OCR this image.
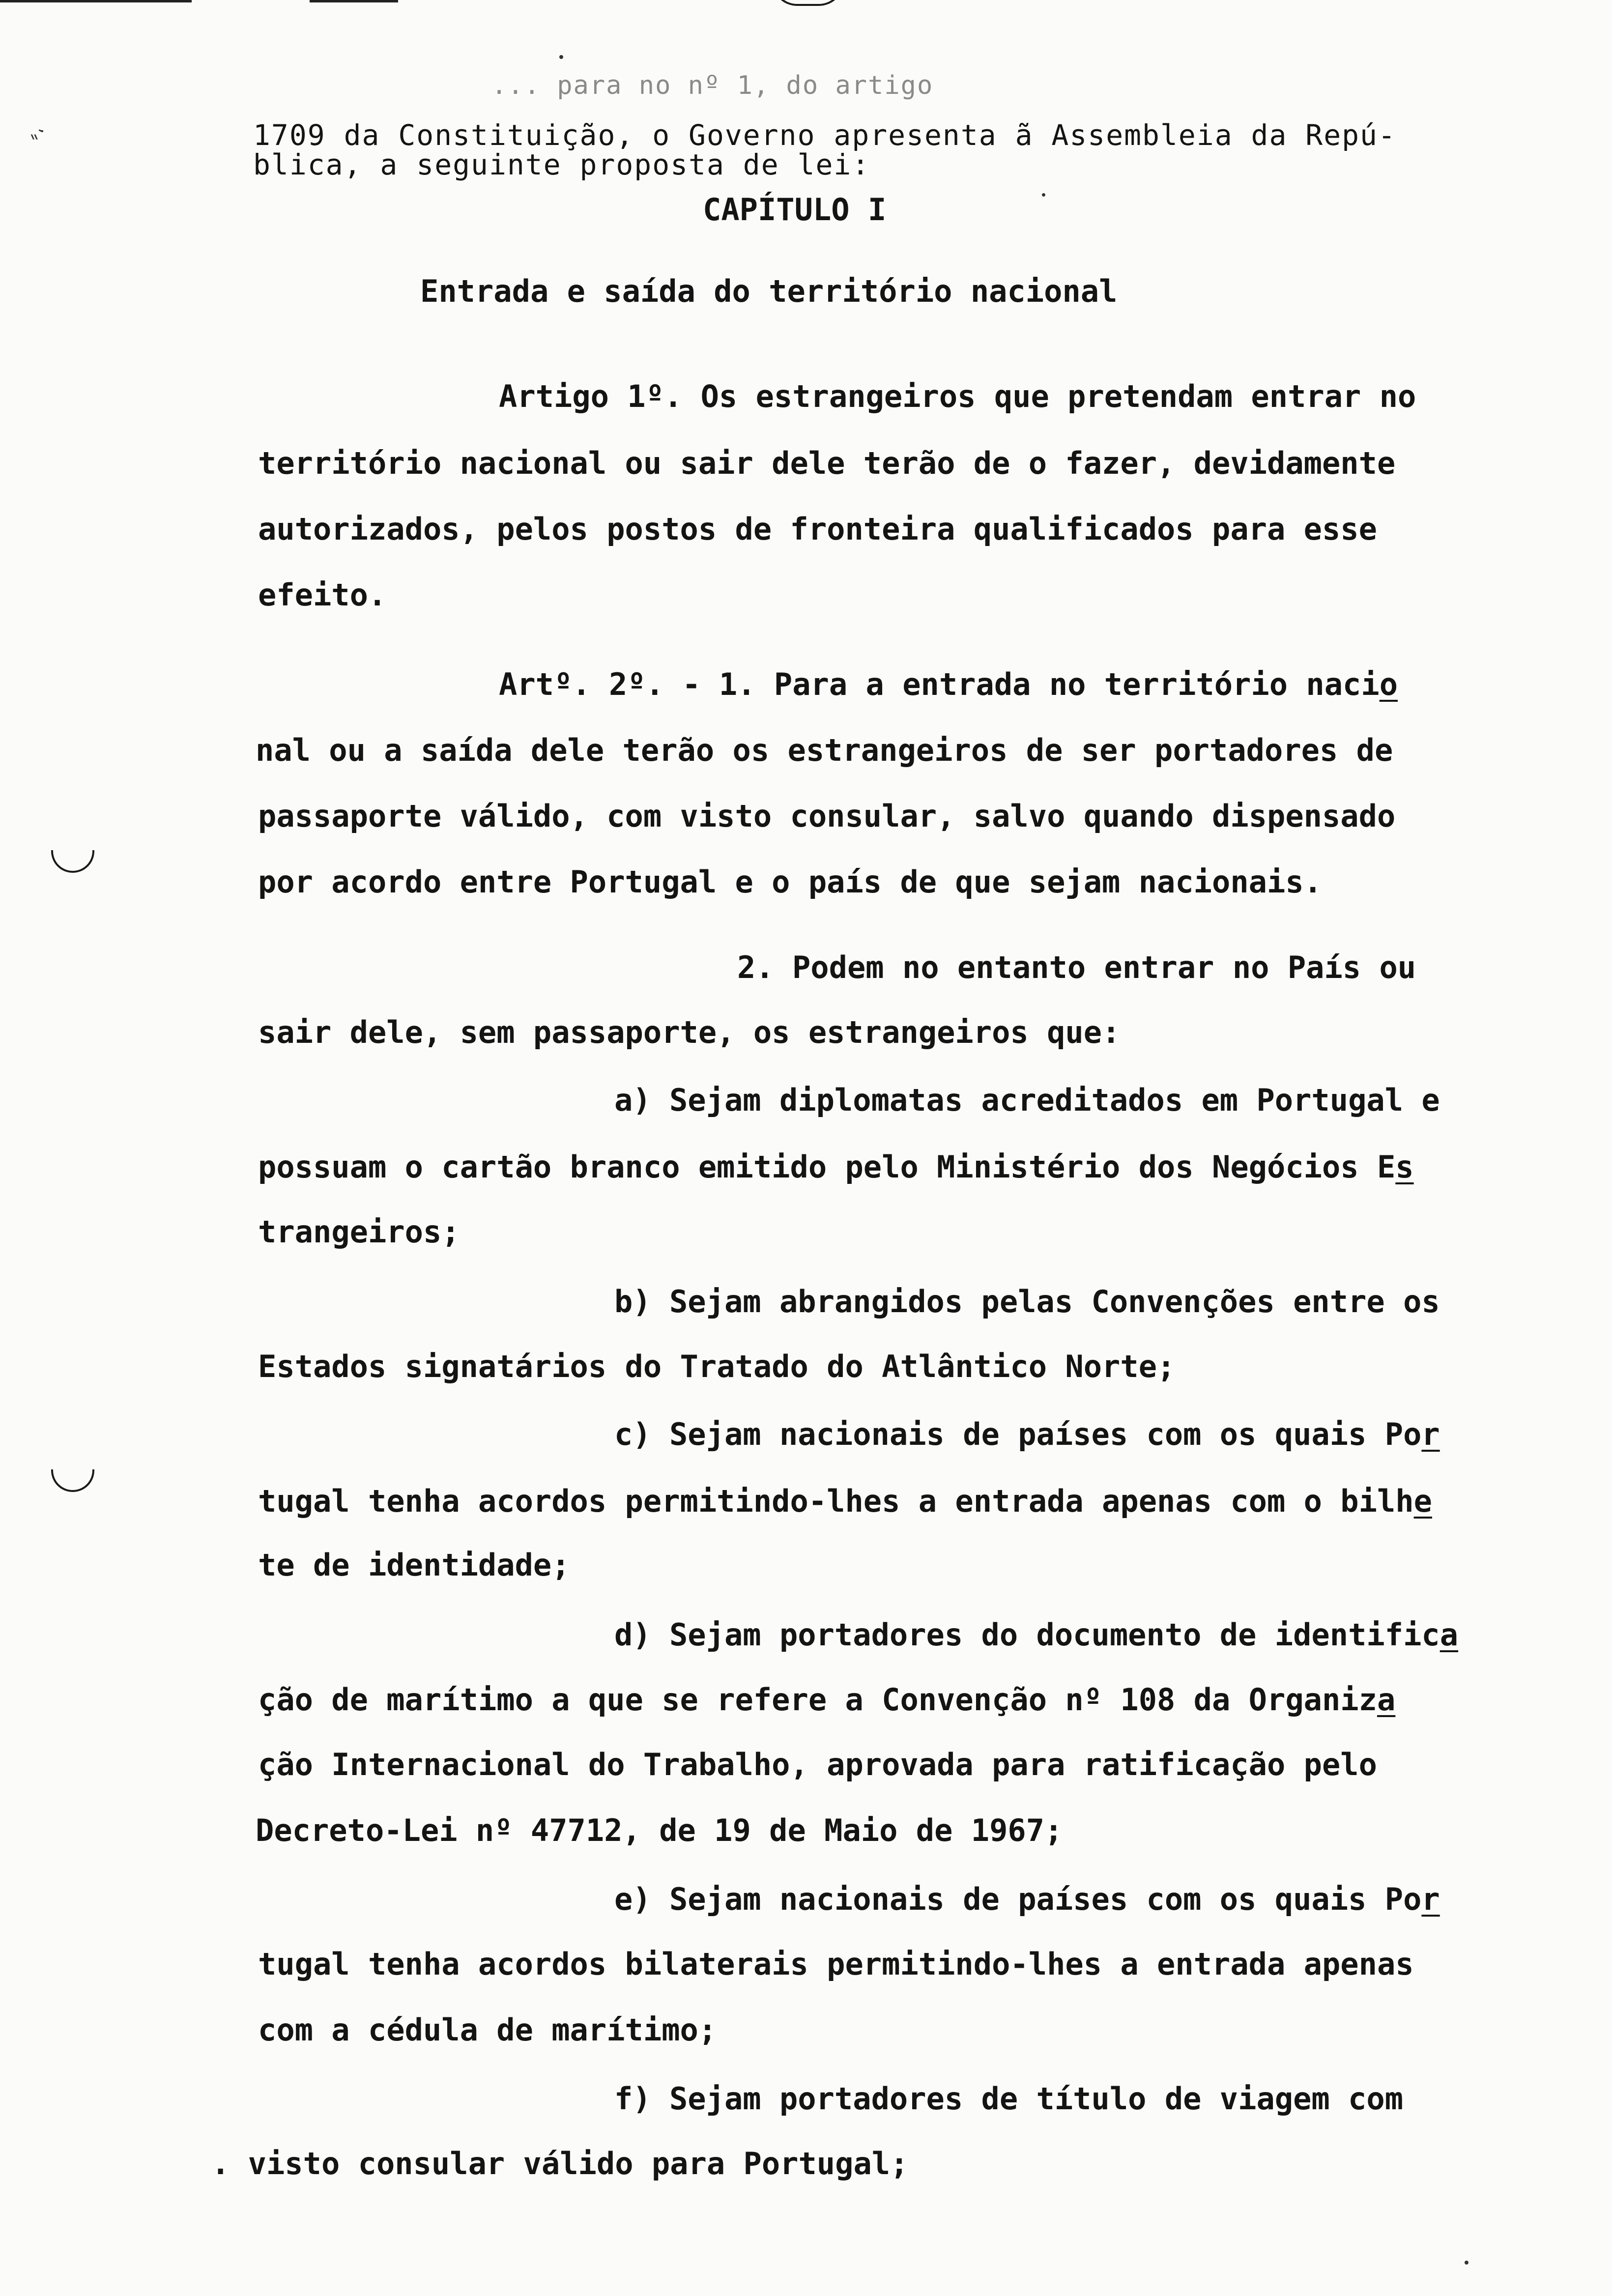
ʼ⸗
... para no nº 1, do artigo
1709 da Constituição, o Governo apresenta ã Assembleia da Repú-
blica, a seguinte proposta de lei:
CAPÍTULO I
Entrada e saída do território nacional
Artigo 1º. Os estrangeiros que pretendam entrar no
território nacional ou sair dele terão de o fazer, devidamente
autorizados, pelos postos de fronteira qualificados para esse
efeito.
Artº. 2º. - 1. Para a entrada no território nacio
nal ou a saída dele terão os estrangeiros de ser portadores de
passaporte válido, com visto consular, salvo quando dispensado
por acordo entre Portugal e o país de que sejam nacionais.
2. Podem no entanto entrar no País ou
sair dele, sem passaporte, os estrangeiros que:
a) Sejam diplomatas acreditados em Portugal e
possuam o cartão branco emitido pelo Ministério dos Negócios Es
trangeiros;
b) Sejam abrangidos pelas Convenções entre os
Estados signatários do Tratado do Atlântico Norte;
c) Sejam nacionais de países com os quais Por
tugal tenha acordos permitindo-lhes a entrada apenas com o bilhe
te de identidade;
d) Sejam portadores do documento de identifica
ção de marítimo a que se refere a Convenção nº 108 da Organiza
ção Internacional do Trabalho, aprovada para ratificação pelo
Decreto-Lei nº 47712, de 19 de Maio de 1967;
e) Sejam nacionais de países com os quais Por
tugal tenha acordos bilaterais permitindo-lhes a entrada apenas
com a cédula de marítimo;
f) Sejam portadores de título de viagem com
. visto consular válido para Portugal;
